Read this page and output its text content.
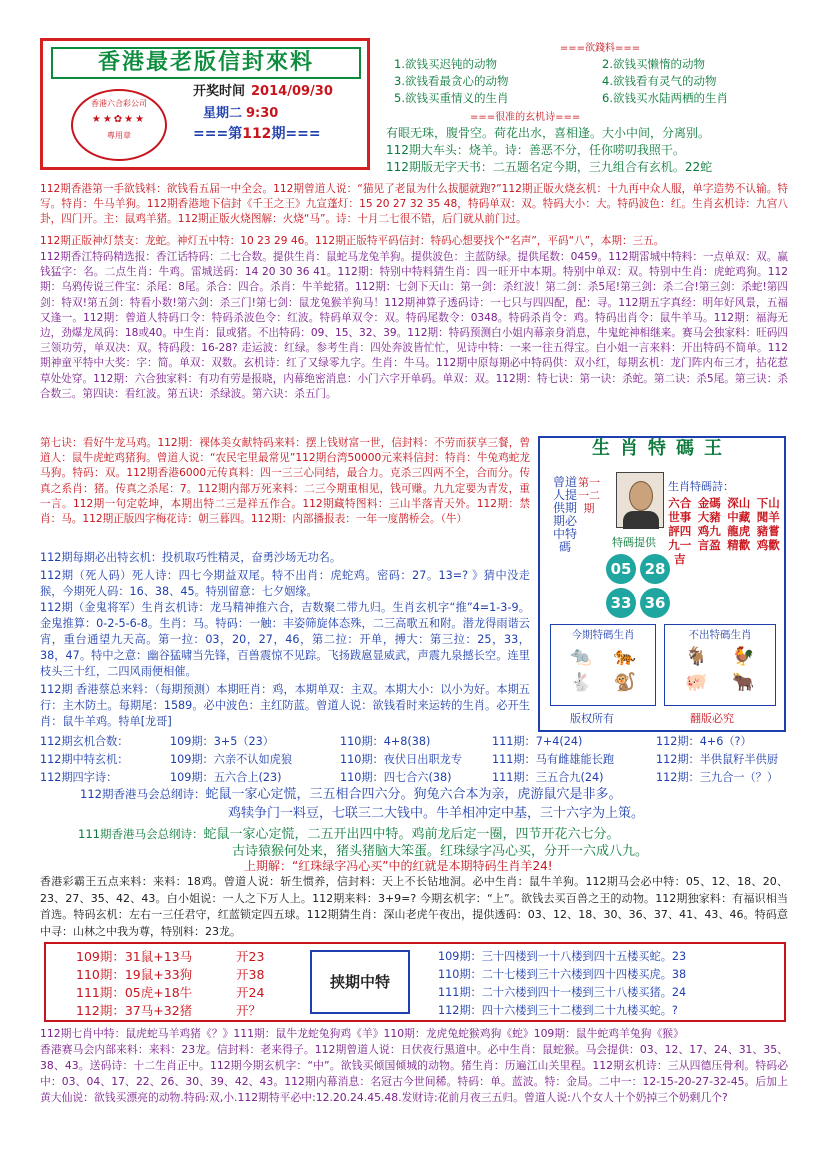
香港最老版信封來料
香港六合彩公司
★★✿★★
專用章
开奖时间 2014/09/30
星期二 9:30
===第112期===
===欲錢料===
1.欲钱买迟钝的动物	2.欲钱买懒惰的动物
3.欲钱看最贪心的动物	4.欲钱看有灵气的动物
5.欲钱买重情义的生肖	6.欲钱买水陆两栖的生肖
===很准的玄机诗===
有眼无珠，腹骨空。荷花出水，喜相逢。大小中间，分离别。
112期大车头：烧羊。诗：善恶不分，任你唠叨我照干。
112期版无字天书：二五题名定今期，三九组合有玄机。22蛇
112期香港第一手欲钱料：欲钱看五届一中全会。112期曾道人说：“猫见了老鼠为什么拔腿就跑?”112期正版火烧玄机：十九再中众人服，单字造势不认输。特写。特肖：牛马羊狗。112期香港地下信封《千王之王》九宣蓬灯：15 20 27 32 35 48，特码单双：双。特码大小：大。特码波色：红。生肖玄机诗：九宫八卦，四门开。主：鼠鸡羊猪。112期正版火烧图解：火烧“马”。诗：十月二七很不错，后门就从前门过。
112期正版神灯禁支：龙蛇。神灯五中特：10 23 29 46。112期正版特平码信封：特码心想要找个“名声”，平码“八”，本期：三五。
112期香江特码精选报：香江话特码：二七合数。提供生肖：鼠蛇马龙兔羊狗。提供波色：主蓝防绿。提供尾数：0459。112期雷城中特料：一点单双：双。赢钱猛字：名。二点生肖：牛鸡。雷城送码：14 20 30 36 41。112期：特别中特料猜生肖：四一旺开中本期。特别中单双：双。特别中生肖：虎蛇鸡狗。112期：乌鸦传说三件宝：杀尾：8尾。杀合：四合。杀肖：牛羊蛇猪。112期：七剑下天山：第一剑：杀红波！第二剑：杀5尾!第三剑：杀二合!第三剑：杀蛇!第四剑：特双!第五剑：特看小数!第六剑：杀三门!第七剑：鼠龙兔猴羊狗马！112期神算子透码诗：一七只与四四配，配：寻。112期五字真经：明年好风景，五福又逢一。112期：曾道人特码口令：特码杀波色令：红波。特码单双令：双。特码尾数令：0348。特码杀肖令：鸡。特码出肖令：鼠牛羊马。112期：福海无边，劲爆龙凤码：18或40。中生肖：鼠或猪。不出特码：09、15、32、39。112期：特码预测白小姐内幕亲身消息，牛鬼蛇神相继来。赛马会独家料：旺码四三领功劳，单双决：双。特码段：16-28? 走运波：红绿。参考生肖：四处奔波皆忙忙，见诗中特：一来一往五得宝。白小姐一言来料：开出特码不简单。112期神童平特中大奖：字：简。单双：双数。玄机诗：红了又绿零九字。生肖：牛马。112期中原每期必中特码供：双小红，每期玄机：龙门阵内布三才，拈花惹草处处穿。112期：六合独家料：有功有劳是报晓，内幕绝密消息：小门六字开单码。单双：双。112期：特七诀：第一诀：杀蛇。第二诀：杀5尾。第三诀：杀合数三。第四诀：看红波。第五诀：杀绿波。第六诀：杀五门。
第七诀：看好牛龙马鸡。112期：裸体美女献特码来料：摆上钱财富一世，信封料：不劳而获享三餐，曾道人：鼠牛虎蛇鸡猪狗。曾道人说：“农民宅里最常见”112期台湾50000元来料信封：特肖：牛兔鸡蛇龙马狗。特码：双。112期香港6000元传真料：四一三三心同结，最合力。克杀三四两不全，合而分。传真之系肖：猪。传真之杀尾：7。112期内部万死来料：二三今期重相见，钱可赚。九九定要为青发，重一言。112期一句定乾坤，本期出特二三是祥五作合。112期藏特图料：三山半落青天外。112期：禁肖：马。112期正版四字梅花诗：朝三暮四。112期：内部播报表：一年一度鹊桥会。（牛）
112期每期必出特玄机：投机取巧性精灵，奋勇沙场无功名。
112期（死人码）死人诗：四七今期益双尾。特不出肖：虎蛇鸡。密码：27。13=? 》猜中没走猴，今期死人码：16、38、45。特别留意：七夕姻缘。
112期（金鬼将军）生肖玄机诗：龙马精神推六合，吉数聚二带九归。生肖玄机字“推”4=1-3-9。金鬼推算：0-2-5-6-8。生肖：马。特码：一触：丰姿筛旋体态殊，二三高歌五和附。潜龙得雨谐云宵，重台通望九天高。第一拉：03，20，27，46，第二拉：开单，搏大：第三拉：25，33，38，47。特中之意：幽谷猛啸当先锋，百兽震惊不见踪。飞扬跋扈显威武，声震九泉撼长空。连里枝头三十红，二四风雨便相催。
112期 香港蔡总来料：（每期预测）本期旺肖：鸡，本期单双：主双。本期大小：以小为好。本期五行：主木防土。每期尾：1589。必中波色：主红防蓝。曾道人说：欲钱看时来运转的生肖。必开生肖：鼠牛羊鸡。特单[龙哥]
生肖特碼王
曾道人提供期期必中特碼
第一一二期
生肖特碼詩：
特碼提供
05 28
33 36
六合世事評四九一吉
金碼大豬鸡九言盈
深山中藏龍虎精歡
下山聞羊豬嘗鸡歡
今期特碼生肖
🐀	🐅
🐇	🐒
不出特碼生肖
🐐	🐓
🐖	🐂
版权所有	翻版必究
112期玄机合数：	109期：3+5（23）	110期：4+8(38)	111期：7+4(24)	112期：4+6（?）
112期中特玄机：	109期：六亲不认如虎狼	110期：夜伏日出职龙专	111期：马有雌雄能长跑	112期：半供鼠籽半供厨
112期四字诗：	109期：五六合上(23)	110期：四七合六(38)	111期：三五合九(24)	112期：三九合一（？）
112期香港马会总纲诗：蛇鼠一家心定慌，三五相合四六分。狗兔六合本为亲，虎游鼠穴是非多。
鸡犊争门一料豆，七联三二大钱中。牛羊相冲定中基，三十六字为上策。
111期香港马会总纲诗：蛇鼠一家心定慌，二五开出四中特。鸡前龙后定一圈，四节开花六七分。
古诗猿猴何处来，猪头猪脑大笨蛋。红珠绿字冯心买，分开一六成八九。
上期解：“红珠绿字冯心买”中的红就是本期特码生肖羊24!
香港彩霸王五点来料：来料：18鸡。曾道人说：斩生惯养，信封料：天上不长钻地洞。必中生肖：鼠牛羊狗。112期马会必中特：05、12、18、20、23、27、35、42、43。白小姐说：一人之下万人上。112期来料：3+9=? 今期玄机字：“上”。欲钱去买百兽之王的动物。112期独家料：有福识相当首选。特码玄机：左右一三任君守，红蓝锁定四五球。112期猜生肖：深山老虎午夜出，提供透码：03、12、18、30、36、37、41、43、46。特码意中寻：山林之中我为尊，特别料：23龙。
109期：31鼠+13马	开23
110期：19鼠+33狗	开38
111期：05虎+18牛	开24
112期：37马+32猪	开？
挟期中特
109期：三十四楼到一十八楼到四十五楼买蛇。23
110期：二十七楼到三十六楼到四十四楼买虎。38
111期：二十六楼到四十一楼到三十八楼买猪。24
112期：四十六楼到三十二楼到二十九楼买蛇。?
112期七肖中特：鼠虎蛇马羊鸡猪《？》111期：鼠牛龙蛇兔狗鸡《羊》110期：龙虎兔蛇猴鸡狗《蛇》109期：鼠牛蛇鸡羊兔狗《猴》
香港赛马会内部来料：来料：23龙。信封料：老来得子。112期曾道人说：日伏夜行黑道中。必中生肖：鼠蛇猴。马会提供：03、12、17、24、31、35、38、43。送码诗：十二生肖正中。112期今期玄机字：“中”。欲钱买倾国倾城的动物。猪生肖：历遍江山关里程。112期玄机诗：三从四德压骨利。特码必中：03、04、17、22、26、30、39、42、43。112期内幕消息：名冠古今世间稀。特码：单。蓝波。特：金局。二中一：12-15-20-27-32-45。后加上黄大仙说：欲钱买漂亮的动物.特码:双,小.112期特平必中:12.20.24.45.48.发财诗:花前月夜三五归。曾道人说:八个女人十个奶掉三个奶剩几个?
